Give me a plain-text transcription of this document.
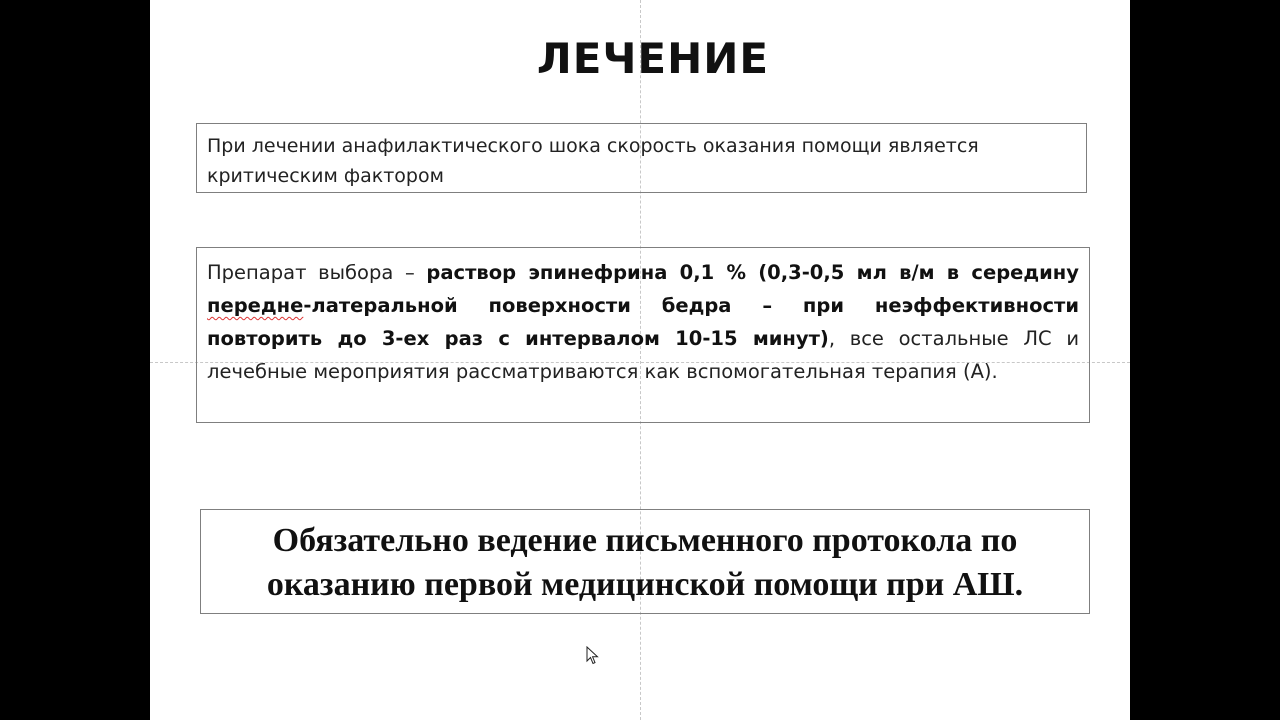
ЛЕЧЕНИЕ
При лечении анафилактического шока скорость оказания помощи является критическим фактором
Препарат выбора – раствор эпинефрина 0,1 % (0,3-0,5 мл в/м в середину передне-латеральной поверхности бедра – при неэффективности повторить до 3-ех раз с интервалом 10-15 минут), все остальные ЛС и лечебные мероприятия рассматриваются как вспомогательная терапия (А).
Обязательно ведение письменного протокола по оказанию первой медицинской помощи при АШ.
